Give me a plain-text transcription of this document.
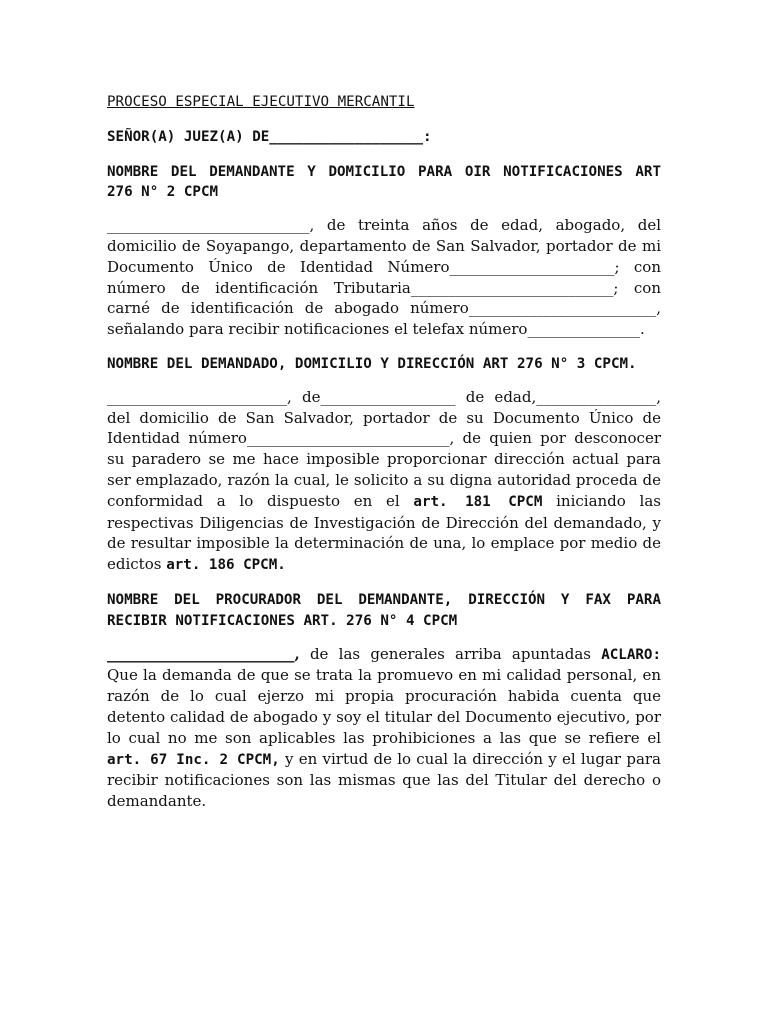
PROCESO ESPECIAL EJECUTIVO MERCANTIL

SEÑOR(A) JUEZ(A) DE__________________:

NOMBRE DEL DEMANDANTE Y DOMICILIO PARA OIR NOTIFICACIONES ART 276 N° 2 CPCM

___________________________, de treinta años de edad, abogado, del domicilio de Soyapango, departamento de San Salvador, portador de mi Documento Único de Identidad Número______________________; con número de identificación Tributaria___________________________; con carné de identificación de abogado número_________________________, señalando para recibir notificaciones el telefax número_______________.

NOMBRE DEL DEMANDADO, DOMICILIO Y DIRECCIÓN ART 276 N° 3 CPCM.

________________________, de__________________ de edad,________________, del domicilio de San Salvador, portador de su Documento Único de Identidad número___________________________, de quien por desconocer su paradero se me hace imposible proporcionar dirección actual para ser emplazado, razón la cual, le solicito a su digna autoridad proceda de conformidad a lo dispuesto en el art. 181 CPCM iniciando las respectivas Diligencias de Investigación de Dirección del demandado, y de resultar imposible la determinación de una, lo emplace por medio de edictos art. 186 CPCM.

NOMBRE DEL PROCURADOR DEL DEMANDANTE, DIRECCIÓN Y FAX PARA RECIBIR NOTIFICACIONES ART. 276 N° 4 CPCM

_________________________, de las generales arriba apuntadas ACLARO: Que la demanda de que se trata la promuevo en mi calidad personal, en razón de lo cual ejerzo mi propia procuración habida cuenta que detento calidad de abogado y soy el titular del Documento ejecutivo, por lo cual no me son aplicables las prohibiciones a las que se refiere el art. 67 Inc. 2 CPCM, y en virtud de lo cual la dirección y el lugar para recibir notificaciones son las mismas que las del Titular del derecho o demandante.
